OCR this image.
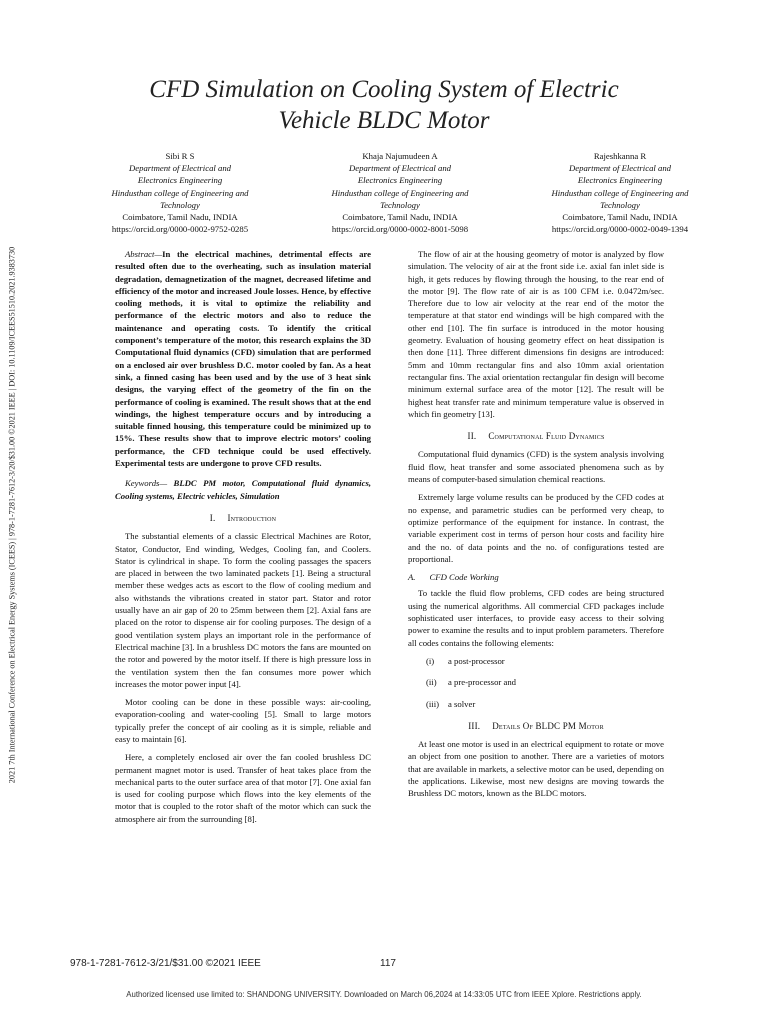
2021 7th International Conference on Electrical Energy Systems (ICEES) | 978-1-7281-7612-3/20/$31.00 ©2021 IEEE | DOI: 10.1109/ICEES51510.2021.9383730
CFD Simulation on Cooling System of Electric
Vehicle BLDC Motor
Sibi R S
Department of Electrical and
Electronics Engineering
Hindusthan college of Engineering and
Technology
Coimbatore, Tamil Nadu, INDIA
https://orcid.org/0000-0002-9752-0285
Khaja Najumudeen A
Department of Electrical and
Electronics Engineering
Hindusthan college of Engineering and
Technology
Coimbatore, Tamil Nadu, INDIA
https://orcid.org/0000-0002-8001-5098
Rajeshkanna R
Department of Electrical and
Electronics Engineering
Hindusthan college of Engineering and
Technology
Coimbatore, Tamil Nadu, INDIA
https://orcid.org/0000-0002-0049-1394

Abstract—In the electrical machines, detrimental effects are resulted often due to the overheating, such as insulation material degradation, demagnetization of the magnet, decreased lifetime and efficiency of the motor and increased Joule losses. Hence, by effective cooling methods, it is vital to optimize the reliability and performance of the electric motors and also to reduce the maintenance and operating costs. To identify the critical component’s temperature of the motor, this research explains the 3D Computational fluid dynamics (CFD) simulation that are performed on a enclosed air over brushless D.C. motor cooled by fan. As a heat sink, a finned casing has been used and by the use of 3 heat sink designs, the varying effect of the geometry of the fin on the performance of cooling is examined. The result shows that at the end windings, the highest temperature occurs and by introducing a suitable finned housing, this temperature could be minimized up to 15%. These results show that to improve electric motors’ cooling performance, the CFD technique could be used effectively. Experimental tests are undergone to prove CFD results.

Keywords— BLDC PM motor, Computational fluid dynamics, Cooling systems, Electric vehicles, Simulation

I. Introduction

The substantial elements of a classic Electrical Machines are Rotor, Stator, Conductor, End winding, Wedges, Cooling fan, and Coolers. Stator is cylindrical in shape. To form the cooling passages the spacers are placed in between the two laminated packets [1]. Being a structural member these wedges acts as escort to the flow of cooling medium and also withstands the vibrations created in stator part. Stator and rotor usually have an air gap of 20 to 25mm between them [2]. Axial fans are placed on the rotor to dispense air for cooling purposes. The design of a good ventilation system plays an important role in the performance of Electrical machine [3]. In a brushless DC motors the fans are mounted on the rotor and powered by the motor itself. If there is high pressure loss in the ventilation system then the fan consumes more power which increases the motor power input [4].

Motor cooling can be done in these possible ways: air-cooling, evaporation-cooling and water-cooling [5]. Small to large motors typically prefer the concept of air cooling as it is simple, reliable and easy to maintain [6].

Here, a completely enclosed air over the fan cooled brushless DC permanent magnet motor is used. Transfer of heat takes place from the mechanical parts to the outer surface area of that motor [7]. One axial fan is used for cooling purpose which flows into the key elements of the motor that is coupled to the rotor shaft of the motor which can suck the atmosphere air from the surrounding [8].

The flow of air at the housing geometry of motor is analyzed by flow simulation. The velocity of air at the front side i.e. axial fan inlet side is high, it gets reduces by flowing through the housing, to the rear end of the motor [9]. The flow rate of air is as 100 CFM i.e. 0.0472m/sec. Therefore due to low air velocity at the rear end of the motor the temperature at that stator end windings will be high compared with the other end [10]. The fin surface is introduced in the motor housing geometry. Evaluation of housing geometry effect on heat dissipation is then done [11]. Three different dimensions fin designs are introduced: 5mm and 10mm rectangular fins and also 10mm axial orientation rectangular fins. The axial orientation rectangular fin design will become minimum external surface area of the motor [12]. The result will be highest heat transfer rate and minimum temperature value is observed in which fin geometry [13].

II. Computational Fluid Dynamics

Computational fluid dynamics (CFD) is the system analysis involving fluid flow, heat transfer and some associated phenomena such as by means of computer-based simulation chemical reactions.

Extremely large volume results can be produced by the CFD codes at no expense, and parametric studies can be performed very cheap, to optimize performance of the equipment for instance. In contrast, the variable experiment cost in terms of person hour costs and facility hire and the no. of data points and the no. of configurations tested are proportional.

A. CFD Code Working

To tackle the fluid flow problems, CFD codes are being structured using the numerical algorithms. All commercial CFD packages include sophisticated user interfaces, to provide easy access to their solving power to examine the results and to input problem parameters. Therefore all codes contains the following elements:

(i) a post-processor
(ii) a pre-processor and
(iii) a solver
III. Details Of BLDC PM Motor

At least one motor is used in an electrical equipment to rotate or move an object from one position to another. There are a varieties of motors that are available in markets, a selective motor can be used, depending on the applications. Likewise, most new designs are moving towards the Brushless DC motors, known as the BLDC motors.

978-1-7281-7612-3/21/$31.00 ©2021 IEEE	117
Authorized licensed use limited to: SHANDONG UNIVERSITY. Downloaded on March 06,2024 at 14:33:05 UTC from IEEE Xplore. Restrictions apply.
